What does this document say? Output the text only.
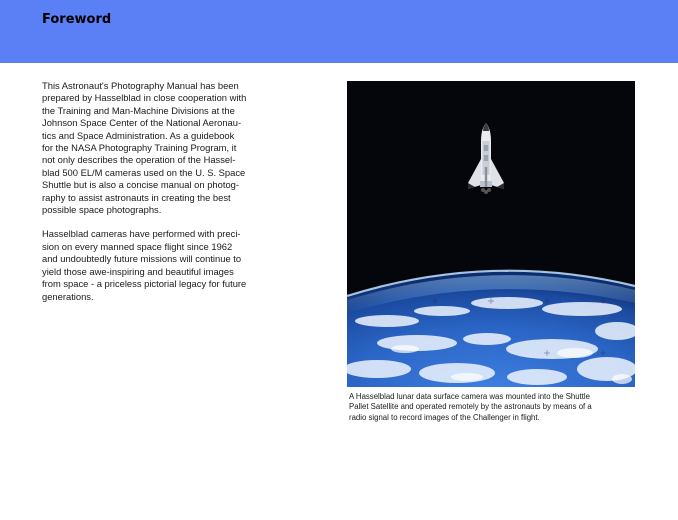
Foreword

This Astronaut's Photography Manual has been
prepared by Hasselblad in close cooperation with
the Training and Man-Machine Divisions at the
Johnson Space Center of the National Aeronau-
tics and Space Administration. As a guidebook
for the NASA Photography Training Program, it
not only describes the operation of the Hassel-
blad 500 EL/M cameras used on the U. S. Space
Shuttle but is also a concise manual on photog-
raphy to assist astronauts in creating the best
possible space photographs.

Hasselblad cameras have performed with preci-
sion on every manned space flight since 1962
and undoubtedly future missions will continue to
yield those awe-inspiring and beautiful images
from space - a priceless pictorial legacy for future
generations.

A Hasselblad lunar data surface camera was mounted into the Shuttle
Pallet Satellite and operated remotely by the astronauts by means of a
radio signal to record images of the Challenger in flight.
